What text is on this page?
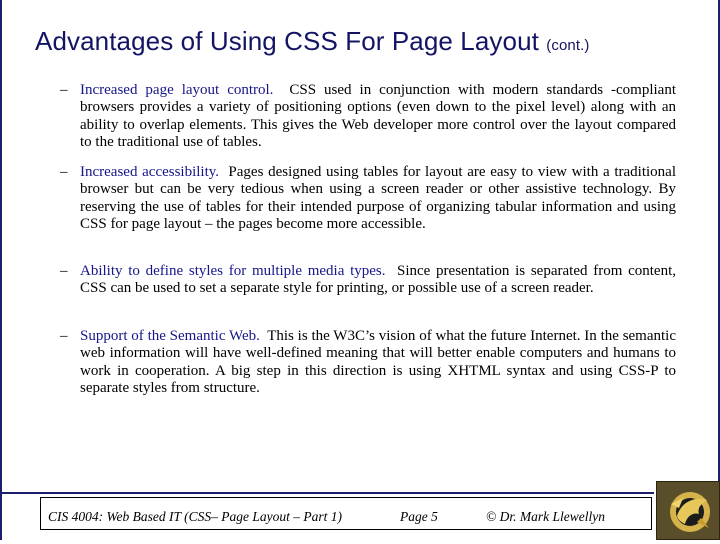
Advantages of Using CSS For Page Layout (cont.)
– Increased page layout control. CSS used in conjunction with modern standards -compliant browsers provides a variety of positioning options (even down to the pixel level) along with an ability to overlap elements. This gives the Web developer more control over the layout compared to the traditional use of tables.
– Increased accessibility. Pages designed using tables for layout are easy to view with a traditional browser but can be very tedious when using a screen reader or other assistive technology. By reserving the use of tables for their intended purpose of organizing tabular information and using CSS for page layout – the pages become more accessible.
– Ability to define styles for multiple media types. Since presentation is separated from content, CSS can be used to set a separate style for printing, or possible use of a screen reader.
– Support of the Semantic Web. This is the W3C’s vision of what the future Internet. In the semantic web information will have well-defined meaning that will better enable computers and humans to work in cooperation. A big step in this direction is using XHTML syntax and using CSS-P to separate styles from structure.
CIS 4004: Web Based IT (CSS– Page Layout – Part 1)	Page 5	© Dr. Mark Llewellyn
